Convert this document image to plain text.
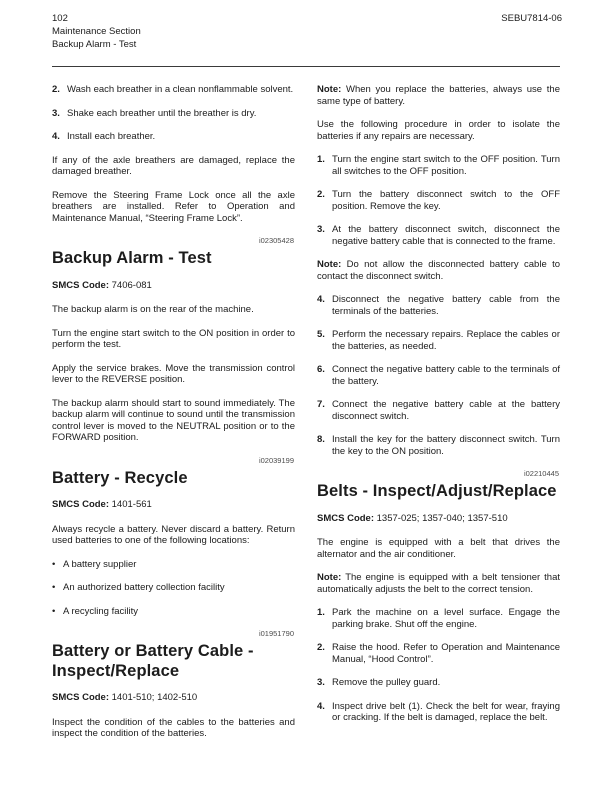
102
Maintenance Section
Backup Alarm - Test
SEBU7814-06
2. Wash each breather in a clean nonflammable solvent.
3. Shake each breather until the breather is dry.
4. Install each breather.
If any of the axle breathers are damaged, replace the damaged breather.
Remove the Steering Frame Lock once all the axle breathers are installed. Refer to Operation and Maintenance Manual, “Steering Frame Lock”.
i02305428
Backup Alarm - Test
SMCS Code: 7406-081
The backup alarm is on the rear of the machine.
Turn the engine start switch to the ON position in order to perform the test.
Apply the service brakes. Move the transmission control lever to the REVERSE position.
The backup alarm should start to sound immediately. The backup alarm will continue to sound until the transmission control lever is moved to the NEUTRAL position or to the FORWARD position.
i02039199
Battery - Recycle
SMCS Code: 1401-561
Always recycle a battery. Never discard a battery. Return used batteries to one of the following locations:
• A battery supplier
• An authorized battery collection facility
• A recycling facility
i01951790
Battery or Battery Cable - Inspect/Replace
SMCS Code: 1401-510; 1402-510
Inspect the condition of the cables to the batteries and inspect the condition of the batteries.
Note: When you replace the batteries, always use the same type of battery.
Use the following procedure in order to isolate the batteries if any repairs are necessary.
1. Turn the engine start switch to the OFF position. Turn all switches to the OFF position.
2. Turn the battery disconnect switch to the OFF position. Remove the key.
3. At the battery disconnect switch, disconnect the negative battery cable that is connected to the frame.
Note: Do not allow the disconnected battery cable to contact the disconnect switch.
4. Disconnect the negative battery cable from the terminals of the batteries.
5. Perform the necessary repairs. Replace the cables or the batteries, as needed.
6. Connect the negative battery cable to the terminals of the battery.
7. Connect the negative battery cable at the battery disconnect switch.
8. Install the key for the battery disconnect switch. Turn the key to the ON position.
i02210445
Belts - Inspect/Adjust/Replace
SMCS Code: 1357-025; 1357-040; 1357-510
The engine is equipped with a belt that drives the alternator and the air conditioner.
Note: The engine is equipped with a belt tensioner that automatically adjusts the belt to the correct tension.
1. Park the machine on a level surface. Engage the parking brake. Shut off the engine.
2. Raise the hood. Refer to Operation and Maintenance Manual, “Hood Control”.
3. Remove the pulley guard.
4. Inspect drive belt (1). Check the belt for wear, fraying or cracking. If the belt is damaged, replace the belt.
